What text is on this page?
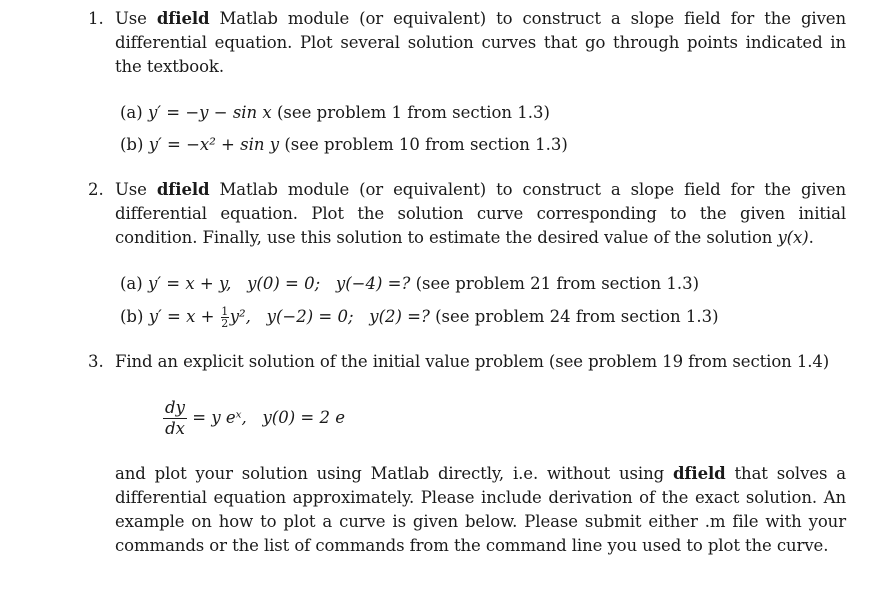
1. Use dfield Matlab module (or equivalent) to construct a slope field for the given differential equation. Plot several solution curves that go through points indicated in the textbook.
(a) y′ = −y − sin x (see problem 1 from section 1.3)
(b) y′ = −x² + sin y (see problem 10 from section 1.3)
2. Use dfield Matlab module (or equivalent) to construct a slope field for the given differential equation. Plot the solution curve corresponding to the given initial condition. Finally, use this solution to estimate the desired value of the solution y(x).
(a) y′ = x + y,   y(0) = 0;   y(−4) =? (see problem 21 from section 1.3)
(b) $y' = x + \frac{1}{2} y^2$,   y(−2) = 0;   y(2) =? (see problem 24 from section 1.3)
3. Find an explicit solution of the initial value problem (see problem 19 from section 1.4)
$\frac{dy}{dx} = y$ eˣ,   y(0) = 2 e
and plot your solution using Matlab directly, i.e. without using dfield that solves a differential equation approximately. Please include derivation of the exact solution. An example on how to plot a curve is given below. Please submit either .m file with your commands or the list of commands from the command line you used to plot the curve.
